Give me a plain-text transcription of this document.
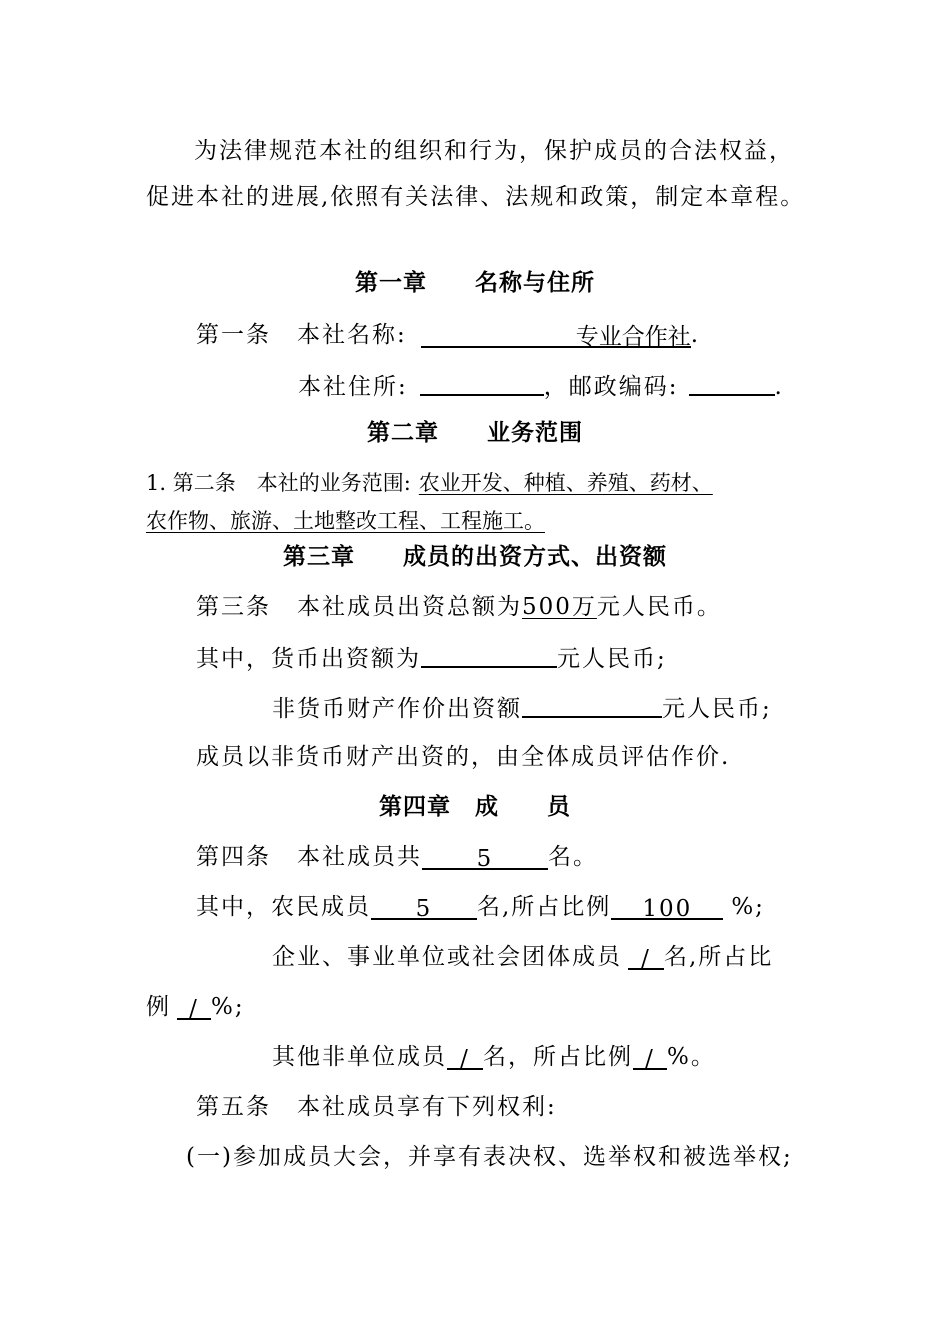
为法律规范本社的组织和行为，保护成员的合法权益，
促进本社的进展,依照有关法律、法规和政策，制定本章程。
第一章　　名称与住所
第一条 本社名称:	专业合作社.
本社住所:	，邮政编码:	.
第二章　　业务范围
1. 第二条　本社的业务范围: 农业开发、种植、养殖、药材、
农作物、旅游、土地整改工程、工程施工。
第三章　　成员的出资方式、出资额
第三条 本社成员出资总额为500万元人民币。
其中，货币出资额为	元人民币;
非货币财产作价出资额	元人民币;
成员以非货币财产出资的，由全体成员评估作价.
第四章　成　　员
第四条 本社成员共 5 名。
其中，农民成员 5 名,所占比例 100 %;
企业、事业单位或社会团体成员 / 名,所占比
例 / %;
其他非单位成员 / 名，所占比例 / %。
第五条 本社成员享有下列权利:
(一)参加成员大会，并享有表决权、选举权和被选举权;
